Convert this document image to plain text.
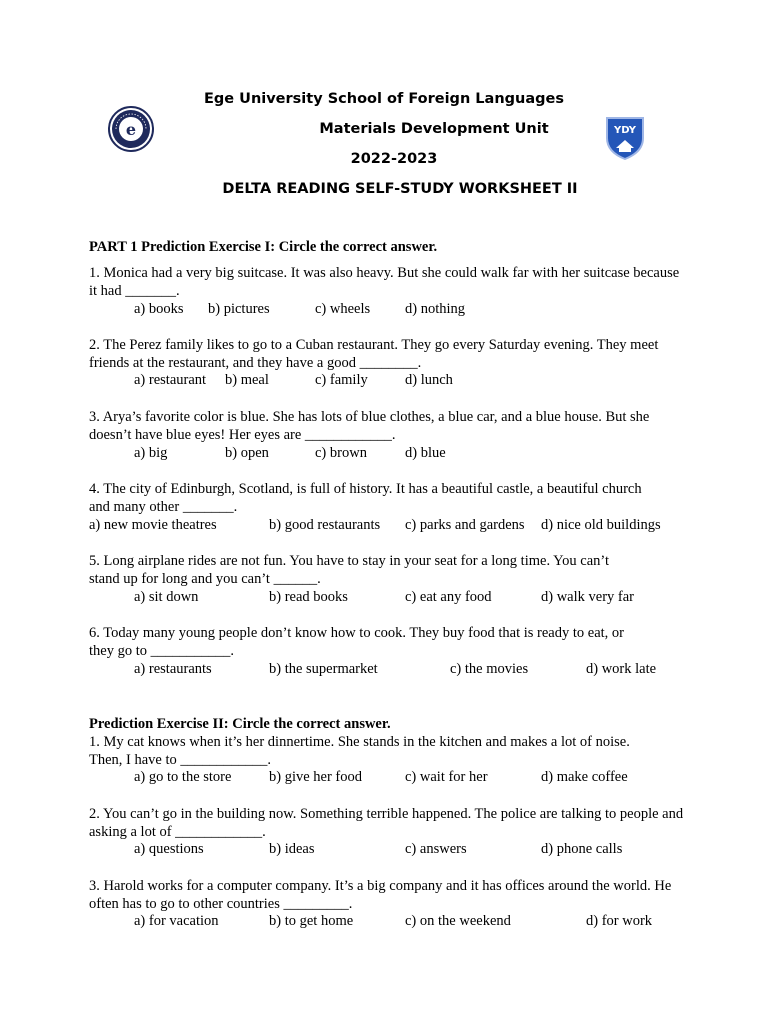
Ege University School of Foreign Languages
Materials Development Unit
2022-2023
DELTA READING SELF-STUDY WORKSHEET II
e	YDY
PART 1 Prediction Exercise I: Circle the correct answer.
1. Monica had a very big suitcase. It was also heavy. But she could walk far with her suitcase because
it had _______.
a) books b) pictures	c) wheels d) nothing
2. The Perez family likes to go to a Cuban restaurant. They go every Saturday evening. They meet
friends at the restaurant, and they have a good ________.
a) restaurant b) meal	c) family	d) lunch
3. Arya’s favorite color is blue. She has lots of blue clothes, a blue car, and a blue house. But she
doesn’t have blue eyes! Her eyes are ____________.
a) big	b) open	c) brown	d) blue
4. The city of Edinburgh, Scotland, is full of history. It has a beautiful castle, a beautiful church
and many other _______.
a) new movie theatres	b) good restaurants c) parks and gardens d) nice old buildings
5. Long airplane rides are not fun. You have to stay in your seat for a long time. You can’t
stand up for long and you can’t ______.
a) sit down	b) read books	c) eat any food	d) walk very far
6. Today many young people don’t know how to cook. They buy food that is ready to eat, or
they go to ___________.
a) restaurants	b) the supermarket	c) the movies	d) work late
Prediction Exercise II: Circle the correct answer.
1. My cat knows when it’s her dinnertime. She stands in the kitchen and makes a lot of noise.
Then, I have to ____________.
a) go to the store	b) give her food	c) wait for her	d) make coffee
2. You can’t go in the building now. Something terrible happened. The police are talking to people and
asking a lot of ____________.
a) questions	b) ideas	c) answers	d) phone calls
3. Harold works for a computer company. It’s a big company and it has offices around the world. He
often has to go to other countries _________.
a) for vacation	b) to get home	c) on the weekend	d) for work
